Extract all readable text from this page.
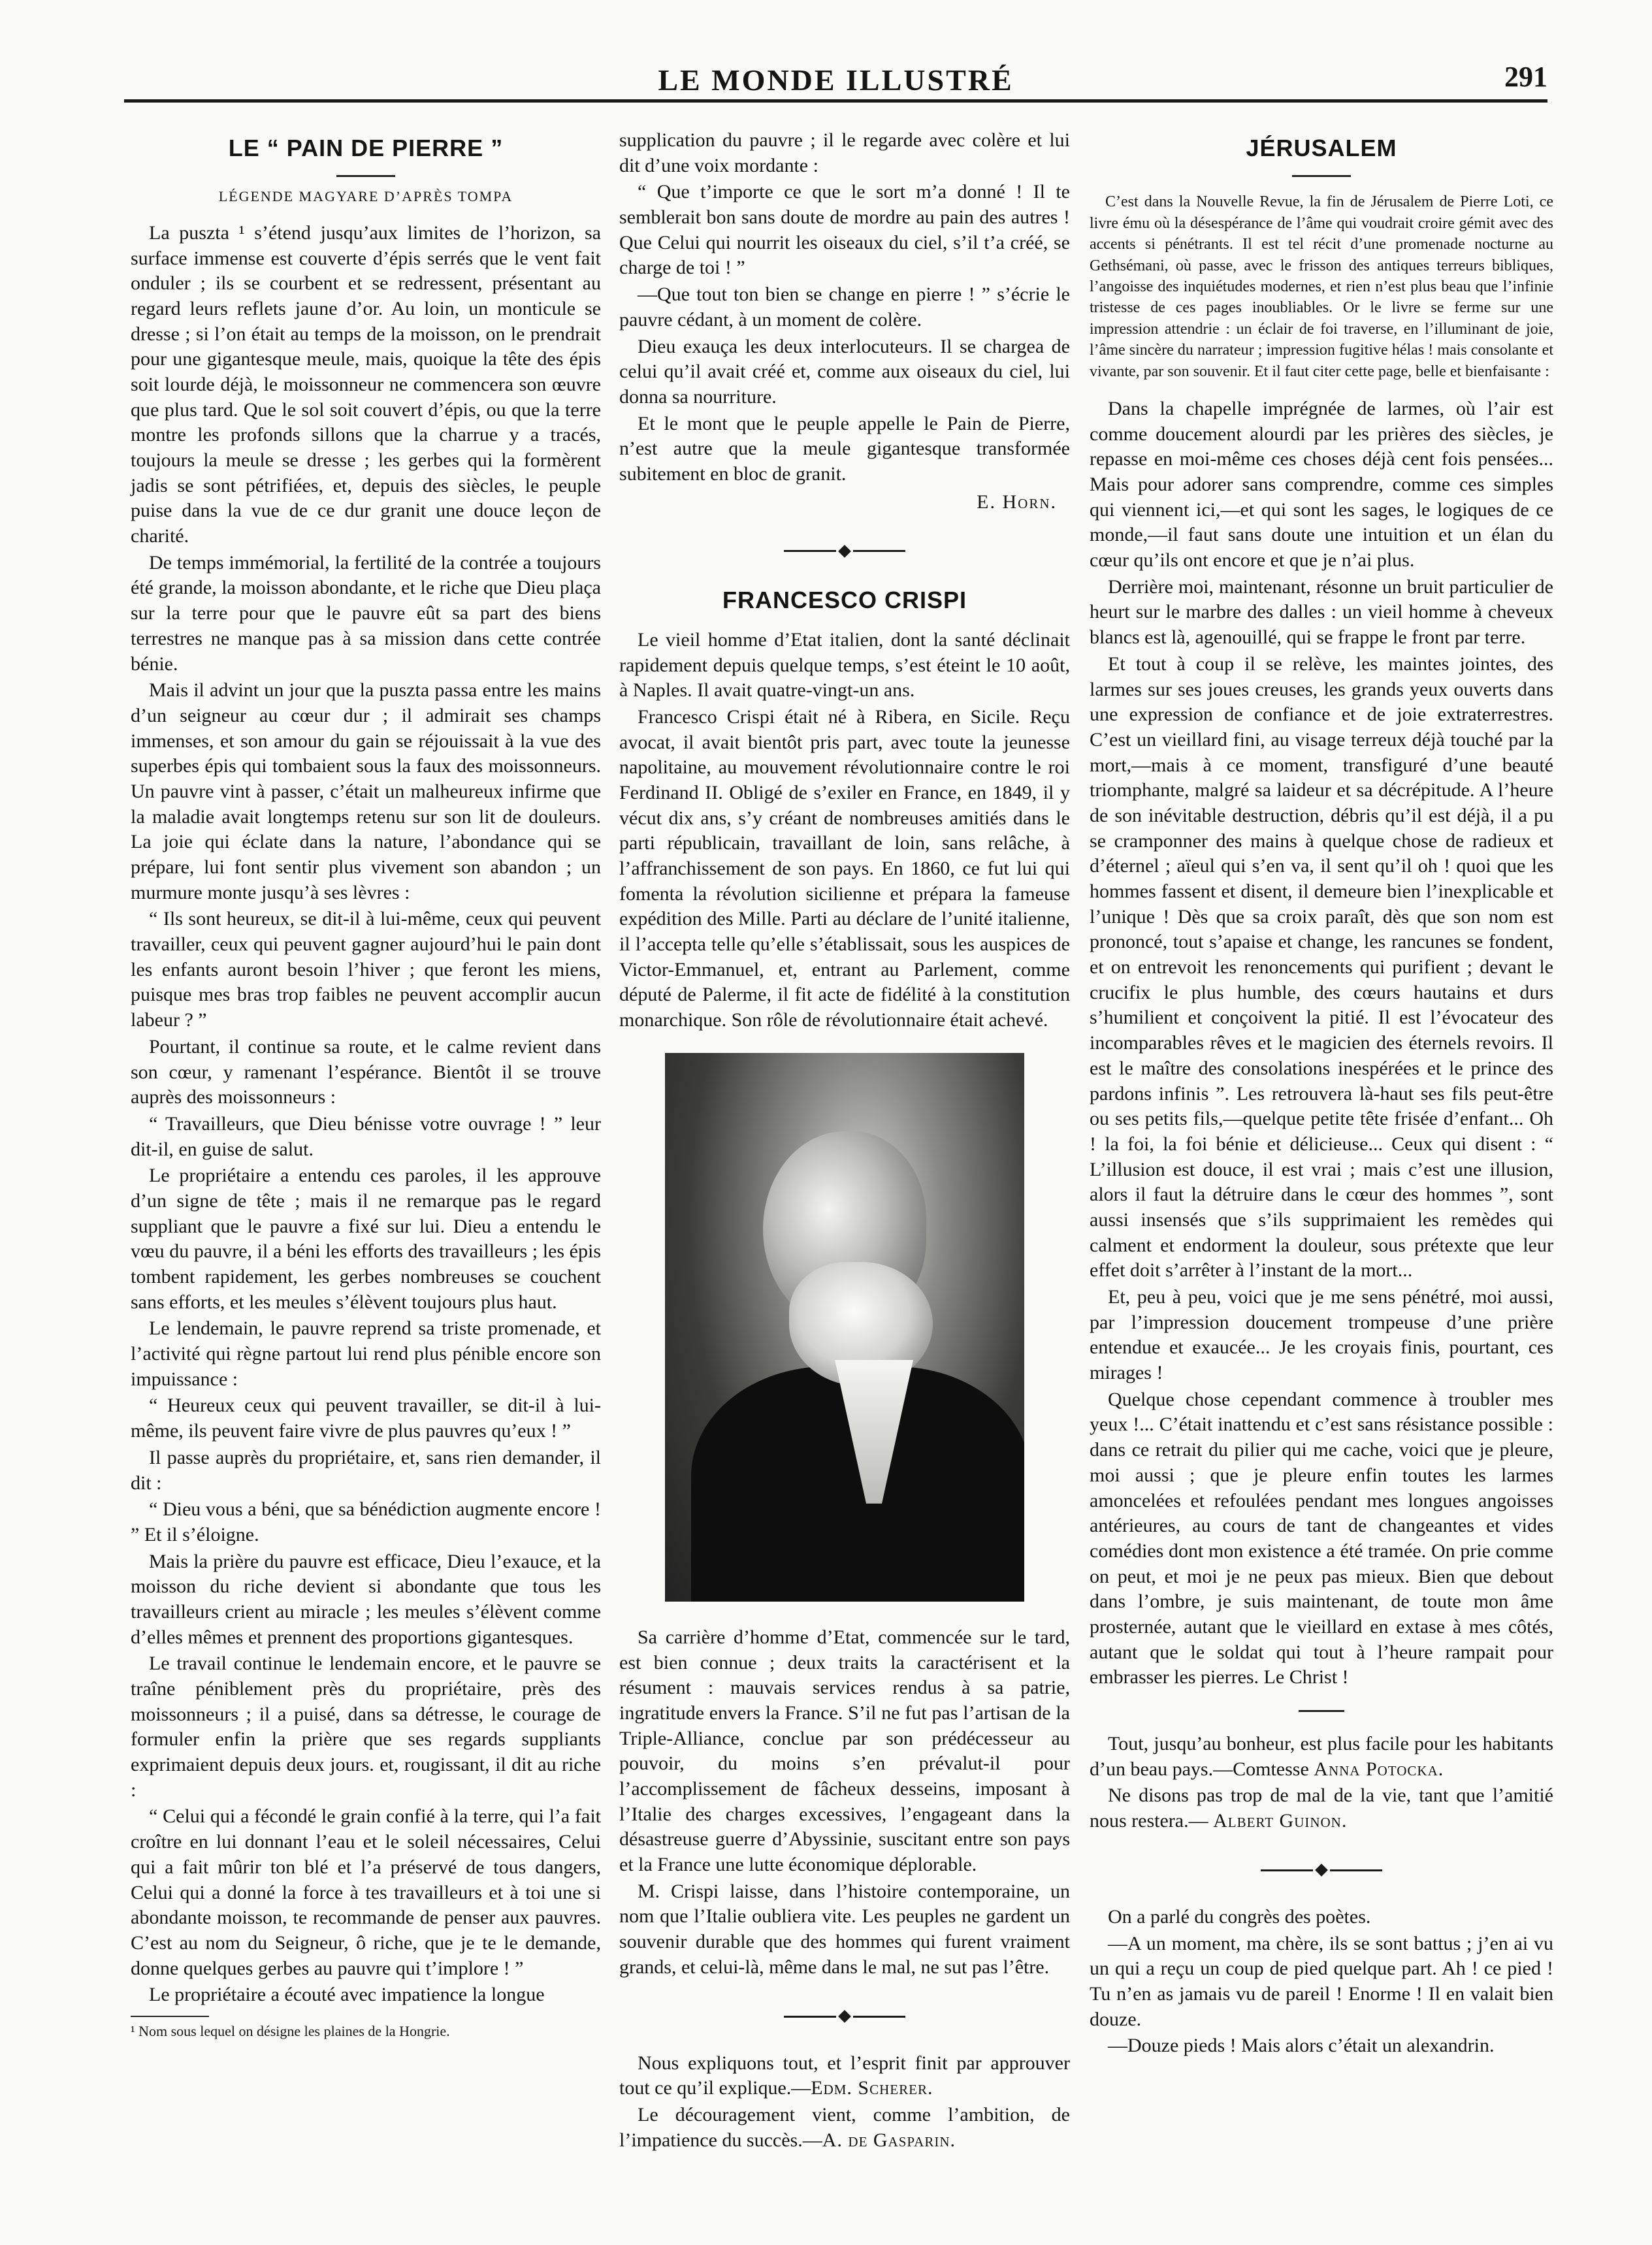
LE MONDE ILLUSTRÉ	291
LE “ PAIN DE PIERRE ”
LÉGENDE MAGYARE D’APRÈS TOMPA

La puszta ¹ s’étend jusqu’aux limites de l’horizon, sa surface immense est couverte d’épis serrés que le vent fait onduler ; ils se courbent et se redressent, présentant au regard leurs reflets jaune d’or. Au loin, un monticule se dresse ; si l’on était au temps de la moisson, on le prendrait pour une gigantesque meule, mais, quoique la tête des épis soit lourde déjà, le moissonneur ne commencera son œuvre que plus tard. Que le sol soit couvert d’épis, ou que la terre montre les profonds sillons que la charrue y a tracés, toujours la meule se dresse ; les gerbes qui la formèrent jadis se sont pétrifiées, et, depuis des siècles, le peuple puise dans la vue de ce dur granit une douce leçon de charité.

De temps immémorial, la fertilité de la contrée a toujours été grande, la moisson abondante, et le riche que Dieu plaça sur la terre pour que le pauvre eût sa part des biens terrestres ne manque pas à sa mission dans cette contrée bénie.

Mais il advint un jour que la puszta passa entre les mains d’un seigneur au cœur dur ; il admirait ses champs immenses, et son amour du gain se réjouissait à la vue des superbes épis qui tombaient sous la faux des moissonneurs. Un pauvre vint à passer, c’était un malheureux infirme que la maladie avait longtemps retenu sur son lit de douleurs. La joie qui éclate dans la nature, l’abondance qui se prépare, lui font sentir plus vivement son abandon ; un murmure monte jusqu’à ses lèvres :

“ Ils sont heureux, se dit-il à lui-même, ceux qui peuvent travailler, ceux qui peuvent gagner aujourd’hui le pain dont les enfants auront besoin l’hiver ; que feront les miens, puisque mes bras trop faibles ne peuvent accomplir aucun labeur ? ”

Pourtant, il continue sa route, et le calme revient dans son cœur, y ramenant l’espérance. Bientôt il se trouve auprès des moissonneurs :

“ Travailleurs, que Dieu bénisse votre ouvrage ! ” leur dit-il, en guise de salut.

Le propriétaire a entendu ces paroles, il les approuve d’un signe de tête ; mais il ne remarque pas le regard suppliant que le pauvre a fixé sur lui. Dieu a entendu le vœu du pauvre, il a béni les efforts des travailleurs ; les épis tombent rapidement, les gerbes nombreuses se couchent sans efforts, et les meules s’élèvent toujours plus haut.

Le lendemain, le pauvre reprend sa triste promenade, et l’activité qui règne partout lui rend plus pénible encore son impuissance :

“ Heureux ceux qui peuvent travailler, se dit-il à lui-même, ils peuvent faire vivre de plus pauvres qu’eux ! ”

Il passe auprès du propriétaire, et, sans rien demander, il dit :

“ Dieu vous a béni, que sa bénédiction augmente encore ! ” Et il s’éloigne.

Mais la prière du pauvre est efficace, Dieu l’exauce, et la moisson du riche devient si abondante que tous les travailleurs crient au miracle ; les meules s’élèvent comme d’elles mêmes et prennent des proportions gigantesques.

Le travail continue le lendemain encore, et le pauvre se traîne péniblement près du propriétaire, près des moissonneurs ; il a puisé, dans sa détresse, le courage de formuler enfin la prière que ses regards suppliants exprimaient depuis deux jours. et, rougissant, il dit au riche :

“ Celui qui a fécondé le grain confié à la terre, qui l’a fait croître en lui donnant l’eau et le soleil nécessaires, Celui qui a fait mûrir ton blé et l’a préservé de tous dangers, Celui qui a donné la force à tes travailleurs et à toi une si abondante moisson, te recommande de penser aux pauvres. C’est au nom du Seigneur, ô riche, que je te le demande, donne quelques gerbes au pauvre qui t’implore ! ”

Le propriétaire a écouté avec impatience la longue

¹ Nom sous lequel on désigne les plaines de la Hongrie.

supplication du pauvre ; il le regarde avec colère et lui dit d’une voix mordante :

“ Que t’importe ce que le sort m’a donné ! Il te semblerait bon sans doute de mordre au pain des autres ! Que Celui qui nourrit les oiseaux du ciel, s’il t’a créé, se charge de toi ! ”

—Que tout ton bien se change en pierre ! ” s’écrie le pauvre cédant, à un moment de colère.

Dieu exauça les deux interlocuteurs. Il se chargea de celui qu’il avait créé et, comme aux oiseaux du ciel, lui donna sa nourriture.

Et le mont que le peuple appelle le Pain de Pierre, n’est autre que la meule gigantesque transformée subitement en bloc de granit.

E. Horn.
FRANCESCO CRISPI

Le vieil homme d’Etat italien, dont la santé déclinait rapidement depuis quelque temps, s’est éteint le 10 août, à Naples. Il avait quatre-vingt-un ans.

Francesco Crispi était né à Ribera, en Sicile. Reçu avocat, il avait bientôt pris part, avec toute la jeunesse napolitaine, au mouvement révolutionnaire contre le roi Ferdinand II. Obligé de s’exiler en France, en 1849, il y vécut dix ans, s’y créant de nombreuses amitiés dans le parti républicain, travaillant de loin, sans relâche, à l’affranchissement de son pays. En 1860, ce fut lui qui fomenta la révolution sicilienne et prépara la fameuse expédition des Mille. Parti au déclare de l’unité italienne, il l’accepta telle qu’elle s’établissait, sous les auspices de Victor-Emmanuel, et, entrant au Parlement, comme député de Palerme, il fit acte de fidélité à la constitution monarchique. Son rôle de révolutionnaire était achevé.

Sa carrière d’homme d’Etat, commencée sur le tard, est bien connue ; deux traits la caractérisent et la résument : mauvais services rendus à sa patrie, ingratitude envers la France. S’il ne fut pas l’artisan de la Triple-Alliance, conclue par son prédécesseur au pouvoir, du moins s’en prévalut-il pour l’accomplissement de fâcheux desseins, imposant à l’Italie des charges excessives, l’engageant dans la désastreuse guerre d’Abyssinie, suscitant entre son pays et la France une lutte économique déplorable.

M. Crispi laisse, dans l’histoire contemporaine, un nom que l’Italie oubliera vite. Les peuples ne gardent un souvenir durable que des hommes qui furent vraiment grands, et celui-là, même dans le mal, ne sut pas l’être.

Nous expliquons tout, et l’esprit finit par approuver tout ce qu’il explique.—Edm. Scherer.

Le découragement vient, comme l’ambition, de l’impatience du succès.—A. de Gasparin.

JÉRUSALEM

C’est dans la Nouvelle Revue, la fin de Jérusalem de Pierre Loti, ce livre ému où la désespérance de l’âme qui voudrait croire gémit avec des accents si pénétrants. Il est tel récit d’une promenade nocturne au Gethsémani, où passe, avec le frisson des antiques terreurs bibliques, l’angoisse des inquiétudes modernes, et rien n’est plus beau que l’infinie tristesse de ces pages inoubliables. Or le livre se ferme sur une impression attendrie : un éclair de foi traverse, en l’illuminant de joie, l’âme sincère du narrateur ; impression fugitive hélas ! mais consolante et vivante, par son souvenir. Et il faut citer cette page, belle et bienfaisante :

Dans la chapelle imprégnée de larmes, où l’air est comme doucement alourdi par les prières des siècles, je repasse en moi-même ces choses déjà cent fois pensées... Mais pour adorer sans comprendre, comme ces simples qui viennent ici,—et qui sont les sages, le logiques de ce monde,—il faut sans doute une intuition et un élan du cœur qu’ils ont encore et que je n’ai plus.

Derrière moi, maintenant, résonne un bruit particulier de heurt sur le marbre des dalles : un vieil homme à cheveux blancs est là, agenouillé, qui se frappe le front par terre.

Et tout à coup il se relève, les maintes jointes, des larmes sur ses joues creuses, les grands yeux ouverts dans une expression de confiance et de joie extraterrestres. C’est un vieillard fini, au visage terreux déjà touché par la mort,—mais à ce moment, transfiguré d’une beauté triomphante, malgré sa laideur et sa décrépitude. A l’heure de son inévitable destruction, débris qu’il est déjà, il a pu se cramponner des mains à quelque chose de radieux et d’éternel ; aïeul qui s’en va, il sent qu’il oh ! quoi que les hommes fassent et disent, il demeure bien l’inexplicable et l’unique ! Dès que sa croix paraît, dès que son nom est prononcé, tout s’apaise et change, les rancunes se fondent, et on entrevoit les renoncements qui purifient ; devant le crucifix le plus humble, des cœurs hautains et durs s’humilient et conçoivent la pitié. Il est l’évocateur des incomparables rêves et le magicien des éternels revoirs. Il est le maître des consolations inespérées et le prince des pardons infinis ”. Les retrouvera là-haut ses fils peut-être ou ses petits fils,—quelque petite tête frisée d’enfant... Oh ! la foi, la foi bénie et délicieuse... Ceux qui disent : “ L’illusion est douce, il est vrai ; mais c’est une illusion, alors il faut la détruire dans le cœur des hommes ”, sont aussi insensés que s’ils supprimaient les remèdes qui calment et endorment la douleur, sous prétexte que leur effet doit s’arrêter à l’instant de la mort...

Et, peu à peu, voici que je me sens pénétré, moi aussi, par l’impression doucement trompeuse d’une prière entendue et exaucée... Je les croyais finis, pourtant, ces mirages !

Quelque chose cependant commence à troubler mes yeux !... C’était inattendu et c’est sans résistance possible : dans ce retrait du pilier qui me cache, voici que je pleure, moi aussi ; que je pleure enfin toutes les larmes amoncelées et refoulées pendant mes longues angoisses antérieures, au cours de tant de changeantes et vides comédies dont mon existence a été tramée. On prie comme on peut, et moi je ne peux pas mieux. Bien que debout dans l’ombre, je suis maintenant, de toute mon âme prosternée, autant que le vieillard en extase à mes côtés, autant que le soldat qui tout à l’heure rampait pour embrasser les pierres. Le Christ !

Tout, jusqu’au bonheur, est plus facile pour les habitants d’un beau pays.—Comtesse Anna Potocka.

Ne disons pas trop de mal de la vie, tant que l’amitié nous restera.— Albert Guinon.

On a parlé du congrès des poètes.

—A un moment, ma chère, ils se sont battus ; j’en ai vu un qui a reçu un coup de pied quelque part. Ah ! ce pied ! Tu n’en as jamais vu de pareil ! Enorme ! Il en valait bien douze.

—Douze pieds ! Mais alors c’était un alexandrin.
